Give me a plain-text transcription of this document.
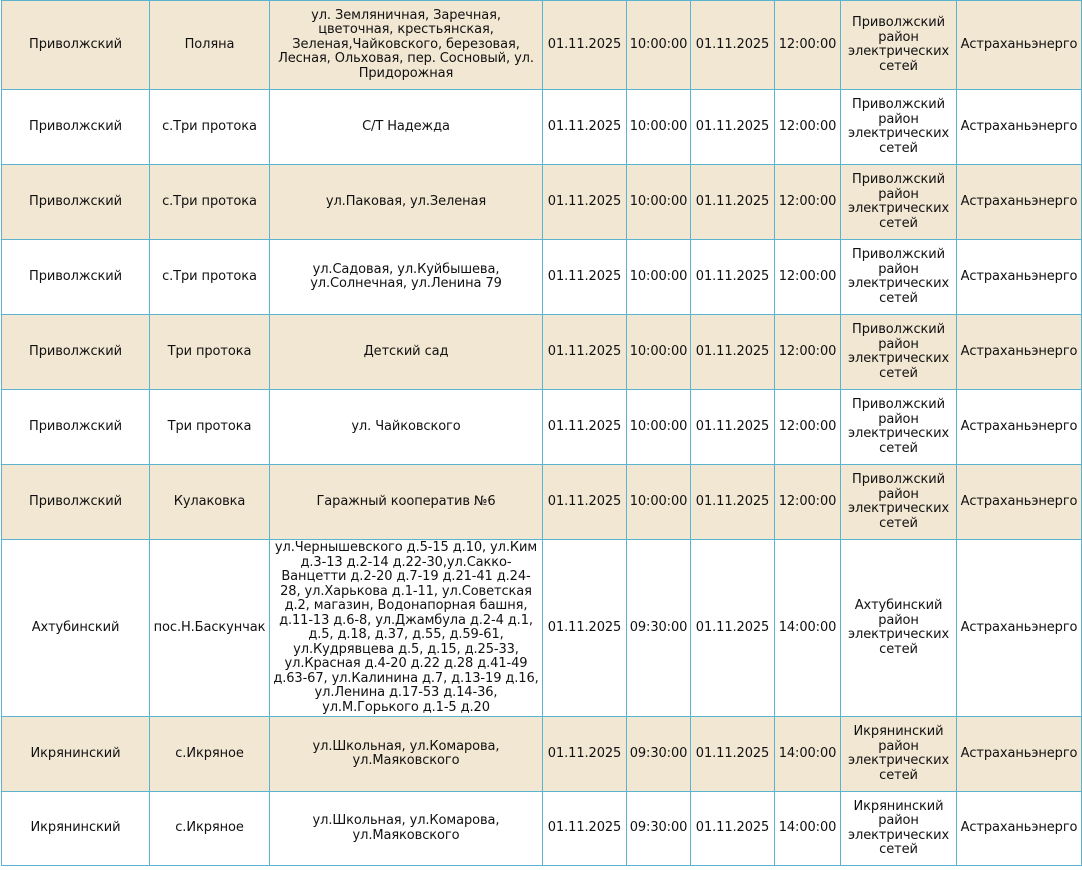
Приволжский	Поляна	ул. Земляничная, Заречная, цветочная, крестьянская, Зеленая,Чайковского, березовая, Лесная, Ольховая, пер. Сосновый, ул. Придорожная	01.11.2025	10:00:00	01.11.2025	12:00:00	Приволжский район электрических сетей	Астраханьэнерго
Приволжский	с.Три протока	С/Т Надежда	01.11.2025	10:00:00	01.11.2025	12:00:00	Приволжский район электрических сетей	Астраханьэнерго
Приволжский	с.Три протока	ул.Паковая, ул.Зеленая	01.11.2025	10:00:00	01.11.2025	12:00:00	Приволжский район электрических сетей	Астраханьэнерго
Приволжский	с.Три протока	ул.Садовая, ул.Куйбышева, ул.Солнечная, ул.Ленина 79	01.11.2025	10:00:00	01.11.2025	12:00:00	Приволжский район электрических сетей	Астраханьэнерго
Приволжский	Три протока	Детский сад	01.11.2025	10:00:00	01.11.2025	12:00:00	Приволжский район электрических сетей	Астраханьэнерго
Приволжский	Три протока	ул. Чайковского	01.11.2025	10:00:00	01.11.2025	12:00:00	Приволжский район электрических сетей	Астраханьэнерго
Приволжский	Кулаковка	Гаражный кооператив №6	01.11.2025	10:00:00	01.11.2025	12:00:00	Приволжский район электрических сетей	Астраханьэнерго
Ахтубинский	пос.Н.Баскунчак	ул.Чернышевского д.5-15 д.10, ул.Ким д.3-13 д.2-14 д.22-30,ул.Сакко-Ванцетти д.2-20 д.7-19 д.21-41 д.24-28, ул.Харькова д.1-11, ул.Советская д.2, магазин, Водонапорная башня, д.11-13 д.6-8, ул.Джамбула д.2-4 д.1, д.5, д.18, д.37, д.55, д.59-61, ул.Кудрявцева д.5, д.15, д.25-33, ул.Красная д.4-20 д.22 д.28 д.41-49 д.63-67, ул.Калинина д.7, д.13-19 д.16, ул.Ленина д.17-53 д.14-36, ул.М.Горького д.1-5 д.20	01.11.2025	09:30:00	01.11.2025	14:00:00	Ахтубинский район электрических сетей	Астраханьэнерго
Икрянинский	с.Икряное	ул.Школьная, ул.Комарова, ул.Маяковского	01.11.2025	09:30:00	01.11.2025	14:00:00	Икрянинский район электрических сетей	Астраханьэнерго
Икрянинский	с.Икряное	ул.Школьная, ул.Комарова, ул.Маяковского	01.11.2025	09:30:00	01.11.2025	14:00:00	Икрянинский район электрических сетей	Астраханьэнерго
